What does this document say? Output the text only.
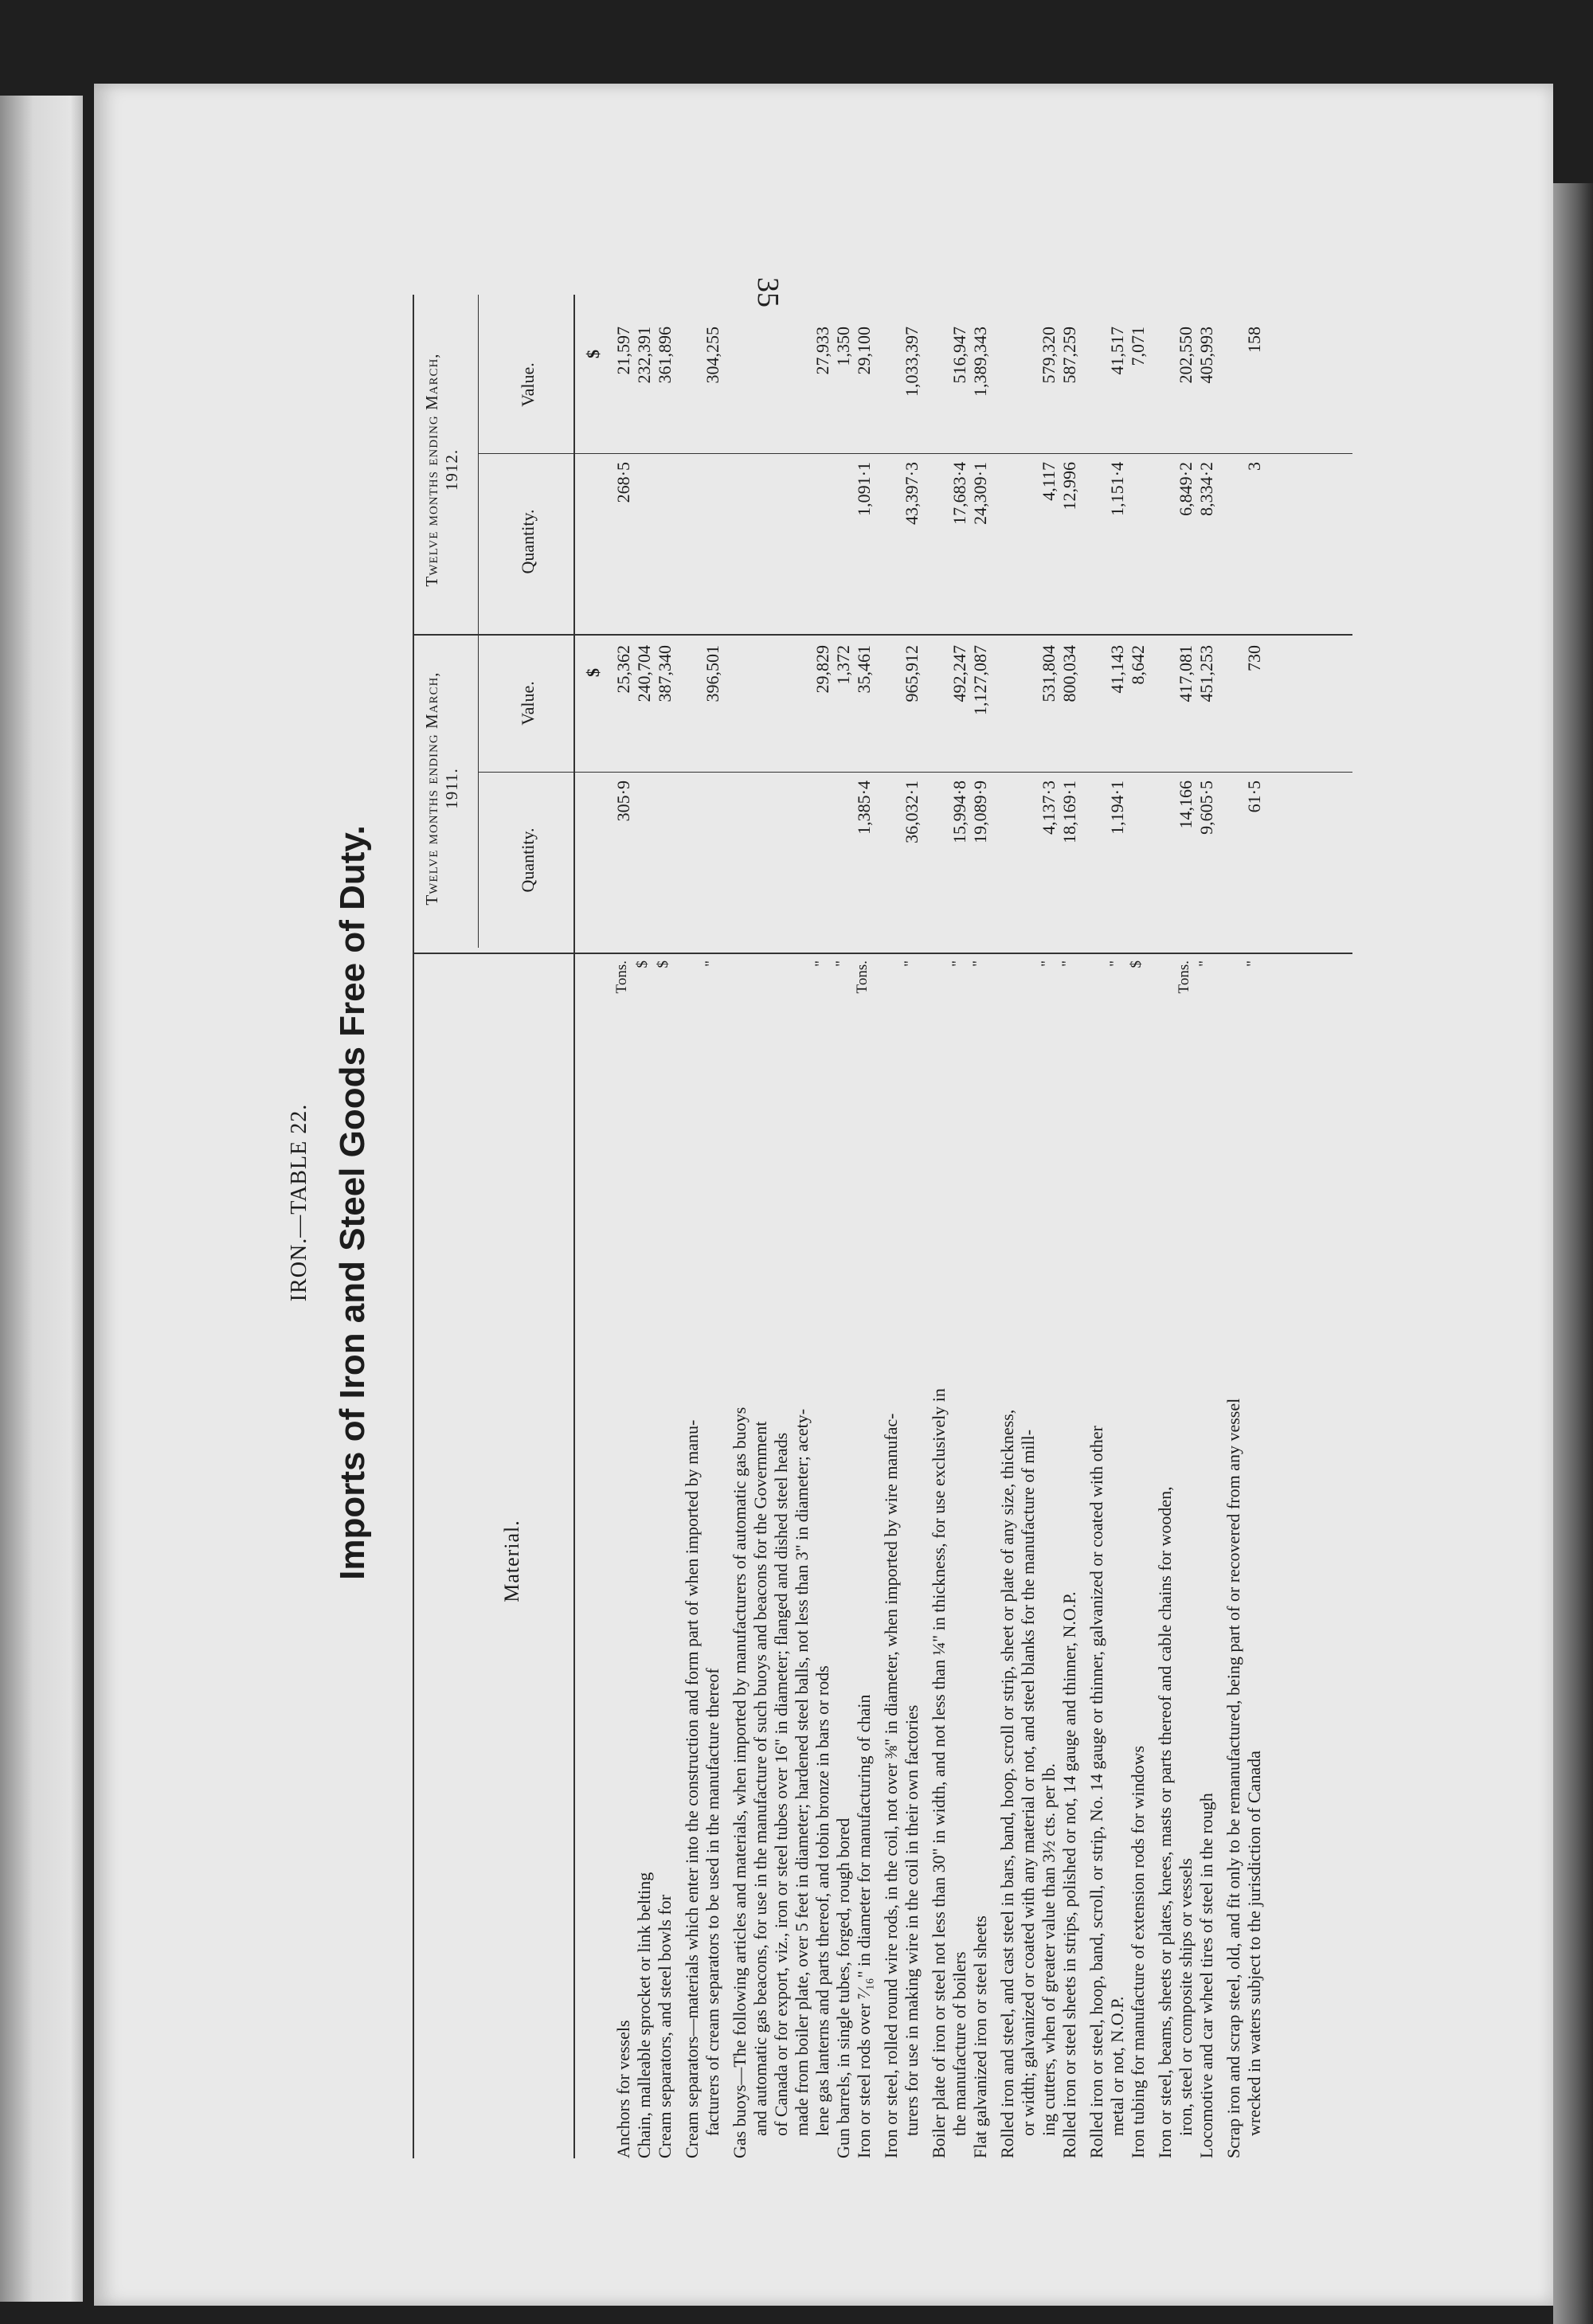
35
IRON.—TABLE 22. Imports of Iron and Steel Goods Free of Duty.	Material.
Twelve months ending March, 1911.
Twelve months ending March, 1912.
Quantity.
Value.
Quantity.
Value.
$
$
Anchors for vessels
Tons.
305·9
25,362
268·5
21,597
Chain, malleable sprocket or link belting
$
240,704
232,391
Cream separators, and steel bowls for
$
387,340
361,896
Cream separators—materials which enter into the construction and form part of when imported by manu- facturers of cream separators to be used in the manufacture thereof
"
396,501
304,255
Gas buoys—The following articles and materials, when imported by manufacturers of automatic gas buoys and automatic gas beacons, for use in the manufacture of such buoys and beacons for the Government of Canada or for export, viz., iron or steel tubes over 16" in diameter; flanged and dished steel heads made from boiler plate, over 5 feet in diameter; hardened steel balls, not less than 3" in diameter; acety- lene gas lanterns and parts thereof, and tobin bronze in bars or rods
"
29,829
27,933
Gun barrels, in single tubes, forged, rough bored
"
1,372
1,350
Iron or steel rods over ⁷⁄₁₆" in diameter for manufacturing of chain
Tons.
1,385·4
35,461
1,091·1
29,100
Iron or steel, rolled round wire rods, in the coil, not over ⅜" in diameter, when imported by wire manufac- turers for use in making wire in the coil in their own factories
"
36,032·1
965,912
43,397·3
1,033,397
Boiler plate of iron or steel not less than 30" in width, and not less than ¼" in thickness, for use exclusively in the manufacture of boilers
"
15,994·8
492,247
17,683·4
516,947
Flat galvanized iron or steel sheets
"
19,089·9
1,127,087
24,309·1
1,389,343
Rolled iron and steel, and cast steel in bars, band, hoop, scroll or strip, sheet or plate of any size, thickness, or width; galvanized or coated with any material or not, and steel blanks for the manufacture of mill- ing cutters, when of greater value than 3½ cts. per lb.
"
4,137·3
531,804
4,117
579,320
Rolled iron or steel sheets in strips, polished or not, 14 gauge and thinner, N.O.P.
"
18,169·1
800,034
12,996
587,259
Rolled iron or steel, hoop, band, scroll, or strip, No. 14 gauge or thinner, galvanized or coated with other metal or not, N.O.P.
"
1,194·1
41,143
1,151·4
41,517
Iron tubing for manufacture of extension rods for windows
$
8,642
7,071
Iron or steel, beams, sheets or plates, knees, masts or parts thereof and cable chains for wooden, iron, steel or composite ships or vessels
Tons.
14,166
417,081
6,849·2
202,550
Locomotive and car wheel tires of steel in the rough
"
9,605·5
451,253
8,334·2
405,993
Scrap iron and scrap steel, old, and fit only to be remanufactured, being part of or recovered from any vessel wrecked in waters subject to the jurisdiction of Canada
"
61·5
730
3
158
